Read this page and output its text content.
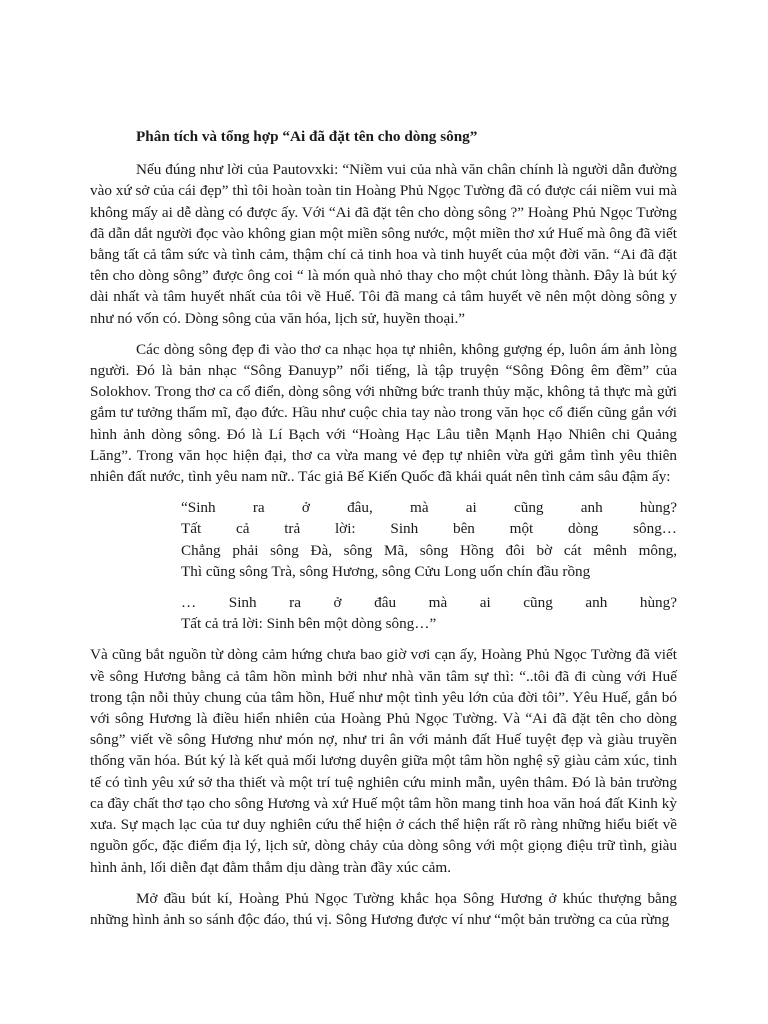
Phân tích và tổng hợp “Ai đã đặt tên cho dòng sông”

Nếu đúng như lời của Pautovxki: “Niềm vui của nhà văn chân chính là người dẫn đường vào xứ sở của cái đẹp” thì tôi hoàn toàn tin Hoàng Phủ Ngọc Tường đã có được cái niềm vui mà không mấy ai dễ dàng có được ấy. Với “Ai đã đặt tên cho dòng sông ?” Hoàng Phủ Ngọc Tường đã dẫn dắt người đọc vào không gian một miền sông nước, một miền thơ xứ Huế mà ông đã viết bằng tất cả tâm sức và tình cảm, thậm chí cả tinh hoa và tinh huyết của một đời văn. “Ai đã đặt tên cho dòng sông” được ông coi “ là món quà nhỏ thay cho một chút lòng thành. Đây là bút ký dài nhất và tâm huyết nhất của tôi về Huế. Tôi đã mang cả tâm huyết vẽ nên một dòng sông y như nó vốn có. Dòng sông của văn hóa, lịch sử, huyền thoại.”

Các dòng sông đẹp đi vào thơ ca nhạc họa tự nhiên, không gượng ép, luôn ám ảnh lòng người. Đó là bản nhạc “Sông Đanuyp” nổi tiếng, là tập truyện “Sông Đông êm đềm” của Solokhov. Trong thơ ca cổ điển, dòng sông với những bức tranh thủy mặc, không tả thực mà gửi gắm tư tưởng thẩm mĩ, đạo đức. Hầu như cuộc chia tay nào trong văn học cổ điển cũng gắn với hình ảnh dòng sông. Đó là Lí Bạch với “Hoàng Hạc Lâu tiễn Mạnh Hạo Nhiên chi Quảng Lăng”. Trong văn học hiện đại, thơ ca vừa mang vẻ đẹp tự nhiên vừa gửi gắm tình yêu thiên nhiên đất nước, tình yêu nam nữ.. Tác giả Bế Kiến Quốc đã khái quát nên tình cảm sâu đậm ấy:

“Sinh ra ở đâu, mà ai cũng anh hùng?
Tất cả trả lời: Sinh bên một dòng sông…
Chẳng phải sông Đà, sông Mã, sông Hồng đôi bờ cát mênh mông,
Thì cũng sông Trà, sông Hương, sông Cửu Long uốn chín đầu rồng
… Sinh ra ở đâu mà ai cũng anh hùng?
Tất cả trả lời: Sinh bên một dòng sông…”

Và cũng bắt nguồn từ dòng cảm hứng chưa bao giờ vơi cạn ấy, Hoàng Phủ Ngọc Tường đã viết về sông Hương bằng cả tâm hồn mình bởi như nhà văn tâm sự thì: “..tôi đã đi cùng với Huế trong tận nỗi thủy chung của tâm hồn, Huế như một tình yêu lớn của đời tôi”. Yêu Huế, gắn bó với sông Hương là điều hiển nhiên của Hoàng Phủ Ngọc Tường. Và “Ai đã đặt tên cho dòng sông” viết về sông Hương như món nợ, như tri ân với mảnh đất Huế tuyệt đẹp và giàu truyền thống văn hóa. Bút ký là kết quả mối lương duyên giữa một tâm hồn nghệ sỹ giàu cảm xúc, tinh tế có tình yêu xứ sở tha thiết và một trí tuệ nghiên cứu minh mẫn, uyên thâm. Đó là bản trường ca đầy chất thơ tạo cho sông Hương và xứ Huế một tâm hồn mang tinh hoa văn hoá đất Kinh kỳ xưa. Sự mạch lạc của tư duy nghiên cứu thể hiện ở cách thể hiện rất rõ ràng những hiểu biết về nguồn gốc, đặc điểm địa lý, lịch sử, dòng chảy của dòng sông với một giọng điệu trữ tình, giàu hình ảnh, lối diễn đạt đằm thắm dịu dàng tràn đầy xúc cảm.

Mở đầu bút kí, Hoàng Phủ Ngọc Tường khắc họa Sông Hương ở khúc thượng bằng những hình ảnh so sánh độc đáo, thú vị. Sông Hương được ví như “một bản trường ca của rừng
